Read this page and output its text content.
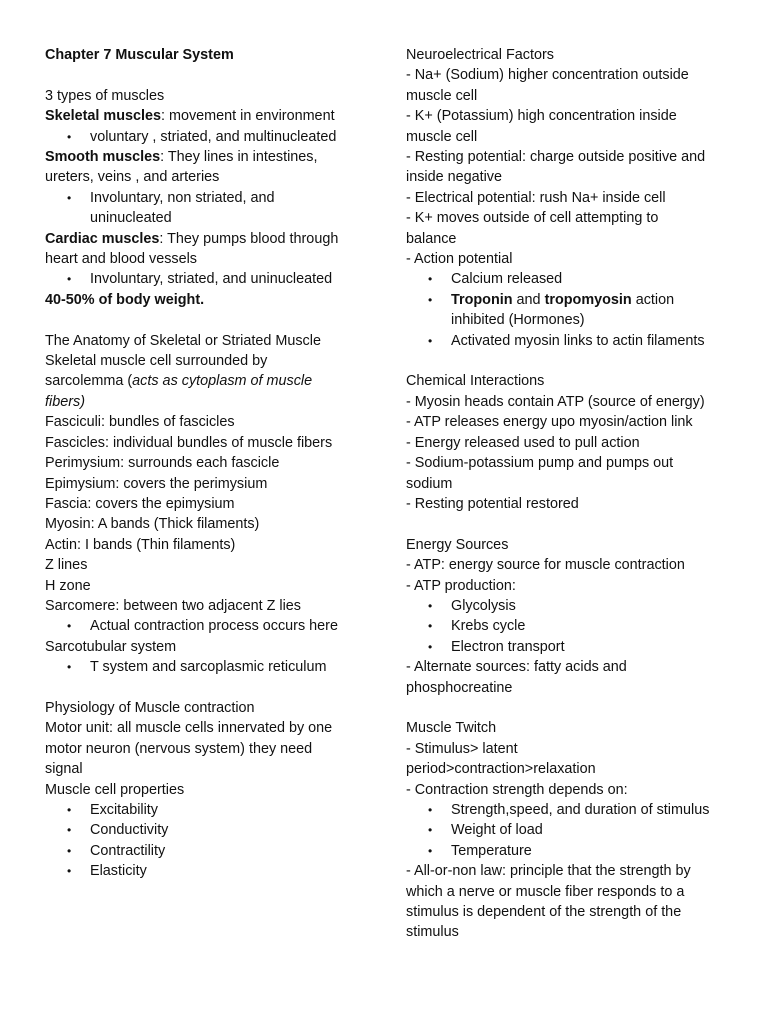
Chapter 7 Muscular System
3 types of muscles
Skeletal muscles: movement in environment
• voluntary , striated, and multinucleated
Smooth muscles: They lines in intestines,
ureters, veins , and arteries
• Involuntary, non striated, and
uninucleated
Cardiac muscles: They pumps blood through
heart and blood vessels
• Involuntary, striated, and uninucleated
40-50% of body weight.
The Anatomy of Skeletal or Striated Muscle
Skeletal muscle cell surrounded by
sarcolemma (acts as cytoplasm of muscle
fibers)
Fasciculi: bundles of fascicles
Fascicles: individual bundles of muscle fibers
Perimysium: surrounds each fascicle
Epimysium: covers the perimysium
Fascia: covers the epimysium
Myosin: A bands (Thick filaments)
Actin: I bands (Thin filaments)
Z lines
H zone
Sarcomere: between two adjacent Z lies
• Actual contraction process occurs here
Sarcotubular system
• T system and sarcoplasmic reticulum
Physiology of Muscle contraction
Motor unit: all muscle cells innervated by one
motor neuron (nervous system) they need
signal
Muscle cell properties
• Excitability
• Conductivity
• Contractility
• Elasticity
Neuroelectrical Factors
- Na+ (Sodium) higher concentration outside
muscle cell
- K+ (Potassium) high concentration inside
muscle cell
- Resting potential: charge outside positive and
inside negative
- Electrical potential: rush Na+ inside cell
- K+ moves outside of cell attempting to
balance
- Action potential
• Calcium released
• Troponin and tropomyosin action
inhibited (Hormones)
• Activated myosin links to actin filaments
Chemical Interactions
- Myosin heads contain ATP (source of energy)
- ATP releases energy upo myosin/action link
- Energy released used to pull action
- Sodium-potassium pump and pumps out
sodium
- Resting potential restored
Energy Sources
- ATP: energy source for muscle contraction
- ATP production:
• Glycolysis
• Krebs cycle
• Electron transport
- Alternate sources: fatty acids and
phosphocreatine
Muscle Twitch
- Stimulus> latent
period>contraction>relaxation
- Contraction strength depends on:
• Strength,speed, and duration of stimulus
• Weight of load
• Temperature
- All-or-non law: principle that the strength by
which a nerve or muscle fiber responds to a
stimulus is dependent of the strength of the
stimulus
